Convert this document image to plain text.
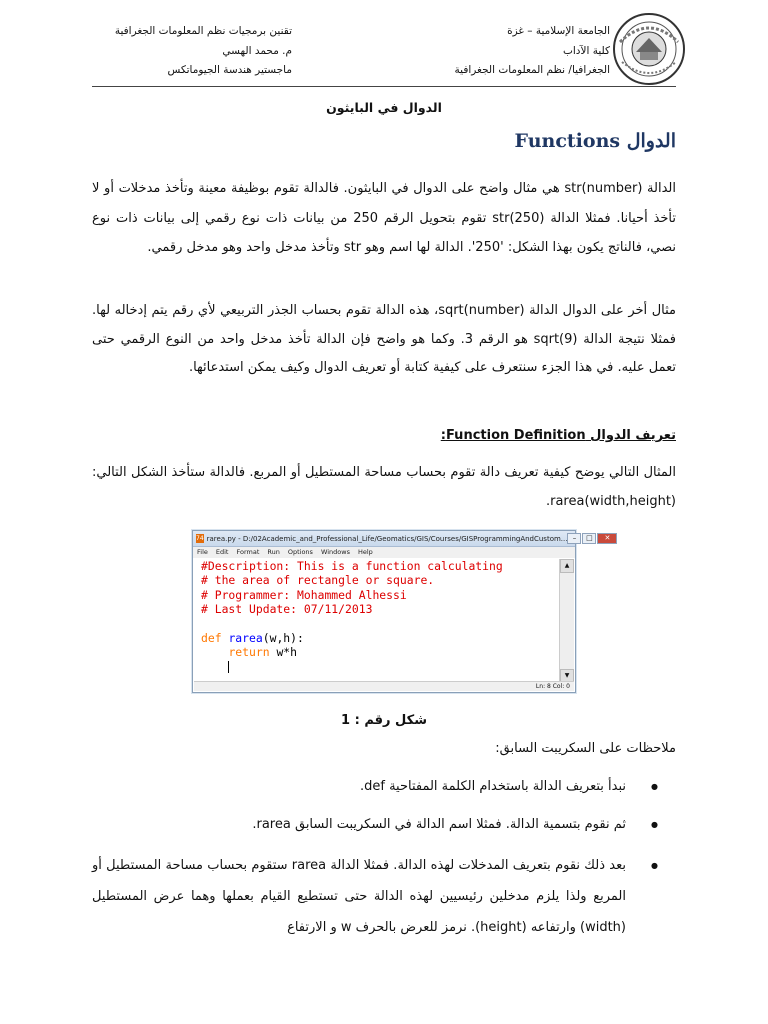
الجامعة الإسلامية – غزة
كلية الآداب
الجغرافيا/ نظم المعلومات الجغرافية
تقنين برمجيات نظم المعلومات الجغرافية
م. محمد الهسي
ماجستير هندسة الجيوماتكس
الدوال في البايثون
الدوال Functions

الدالة (str(number هي مثال واضح على الدوال في البايثون. فالدالة تقوم بوظيفة معينة وتأخذ مدخلات أو لا تأخذ أحيانا. فمثلا الدالة (str(250 تقوم بتحويل الرقم 250 من بيانات ذات نوع رقمي إلى بيانات ذات نوع نصي، فالناتج يكون بهذا الشكل: '250'. الدالة لها اسم وهو str وتأخذ مدخل واحد وهو مدخل رقمي.

مثال أخر على الدوال الدالة (sqrt(number، هذه الدالة تقوم بحساب الجذر التربيعي لأي رقم يتم إدخاله لها. فمثلا نتيجة الدالة (sqrt(9 هو الرقم 3. وكما هو واضح فإن الدالة تأخذ مدخل واحد من النوع الرقمي حتى تعمل عليه. في هذا الجزء سنتعرف على كيفية كتابة أو تعريف الدوال وكيف يمكن استدعائها.

تعريف الدوال Function Definition:

المثال التالي يوضح كيفية تعريف دالة تقوم بحساب مساحة المستطيل أو المربع. فالدالة ستأخذ الشكل التالي: (rarea(width,height.

74 rarea.py - D:/02Academic_and_Professional_Life/Geomatics/GIS/Courses/GISProgrammingAndCustom... –	□	✕
File Edit Format Run Options Windows Help
#Description: This is a function calculating
# the area of rectangle or square.
# Programmer: Mohammed Alhessi
# Last Update: 07/11/2013

def rarea(w,h):
return w*h

▲
▼
Ln: 8 Col: 0
شكل رقم : 1
ملاحظات على السكريبت السابق:
● نبدأ بتعريف الدالة باستخدام الكلمة المفتاحية def.
● ثم نقوم بتسمية الدالة. فمثلا اسم الدالة في السكريبت السابق rarea.
● بعد ذلك نقوم بتعريف المدخلات لهذه الدالة. فمثلا الدالة rarea ستقوم بحساب مساحة المستطيل أو المربع ولذا يلزم مدخلين رئيسيين لهذه الدالة حتى تستطيع القيام بعملها وهما عرض المستطيل (width) وارتفاعه (height). نرمز للعرض بالحرف w و الارتفاع
